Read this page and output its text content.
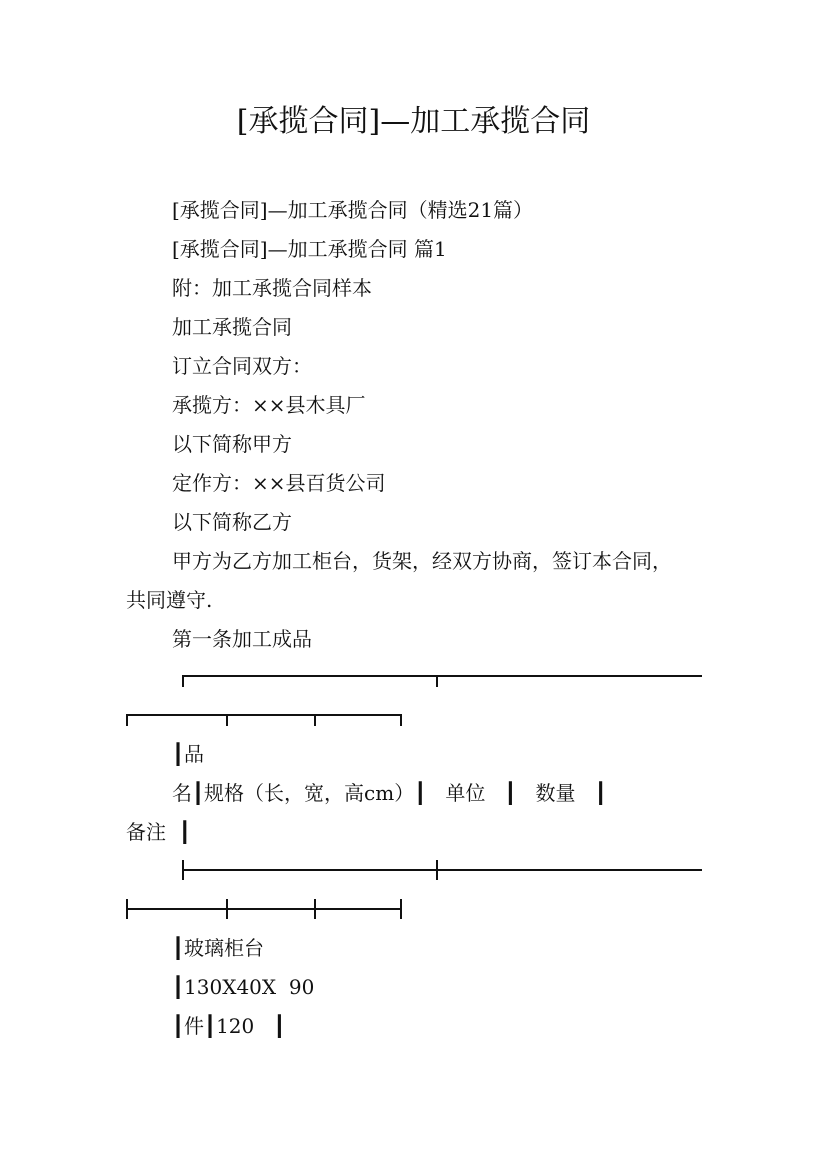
[承揽合同]—加工承揽合同

[承揽合同]—加工承揽合同（精选21篇）

[承揽合同]—加工承揽合同 篇1

附：加工承揽合同样本

加工承揽合同

订立合同双方：

承揽方：××县木具厂

以下简称甲方

定作方：××县百货公司

以下简称乙方

甲方为乙方加工柜台，货架，经双方协商，签订本合同，

共同遵守.

第一条加工成品

┃品

名┃规格（长，宽，高cm）┃   单位   ┃   数量   ┃

备注  ┃

┃玻璃柜台

┃130X40X  90

┃件┃120   ┃
